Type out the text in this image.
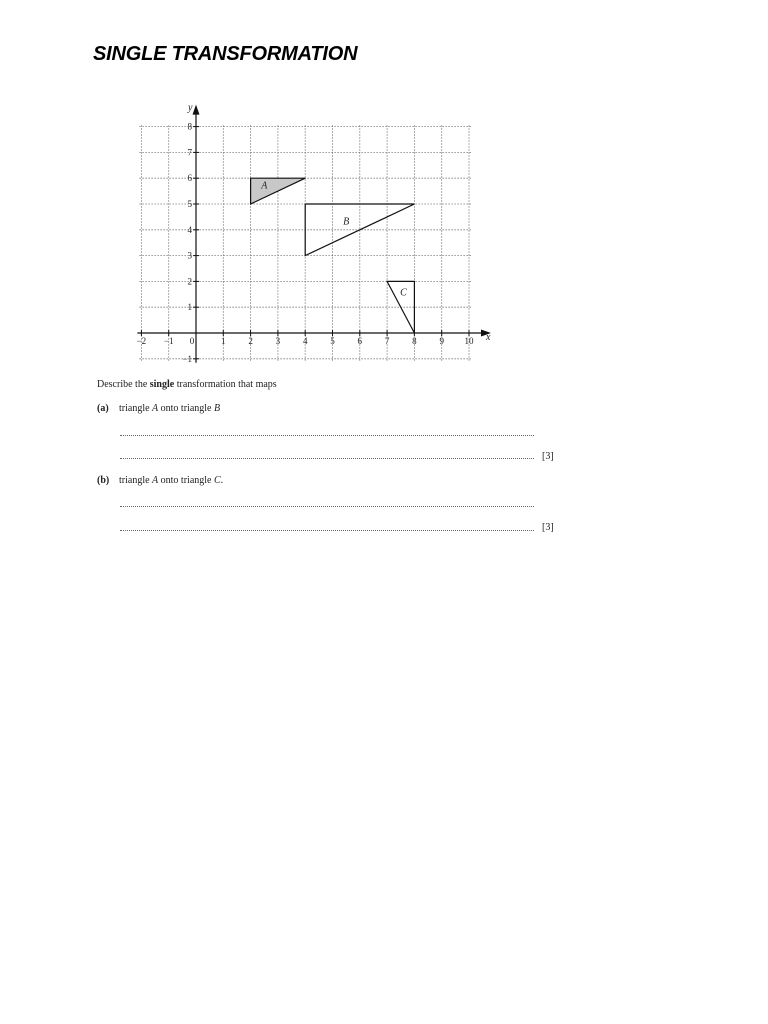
SINGLE TRANSFORMATION
x
y
−2 −1 0	1	2	3	4	5	6	7	8	9 10
−1
1
2
3
4
5
6
7
8
A
B
C
Describe the single transformation that maps
(a) triangle A onto triangle B
[3]
(b) triangle A onto triangle C.
[3]
